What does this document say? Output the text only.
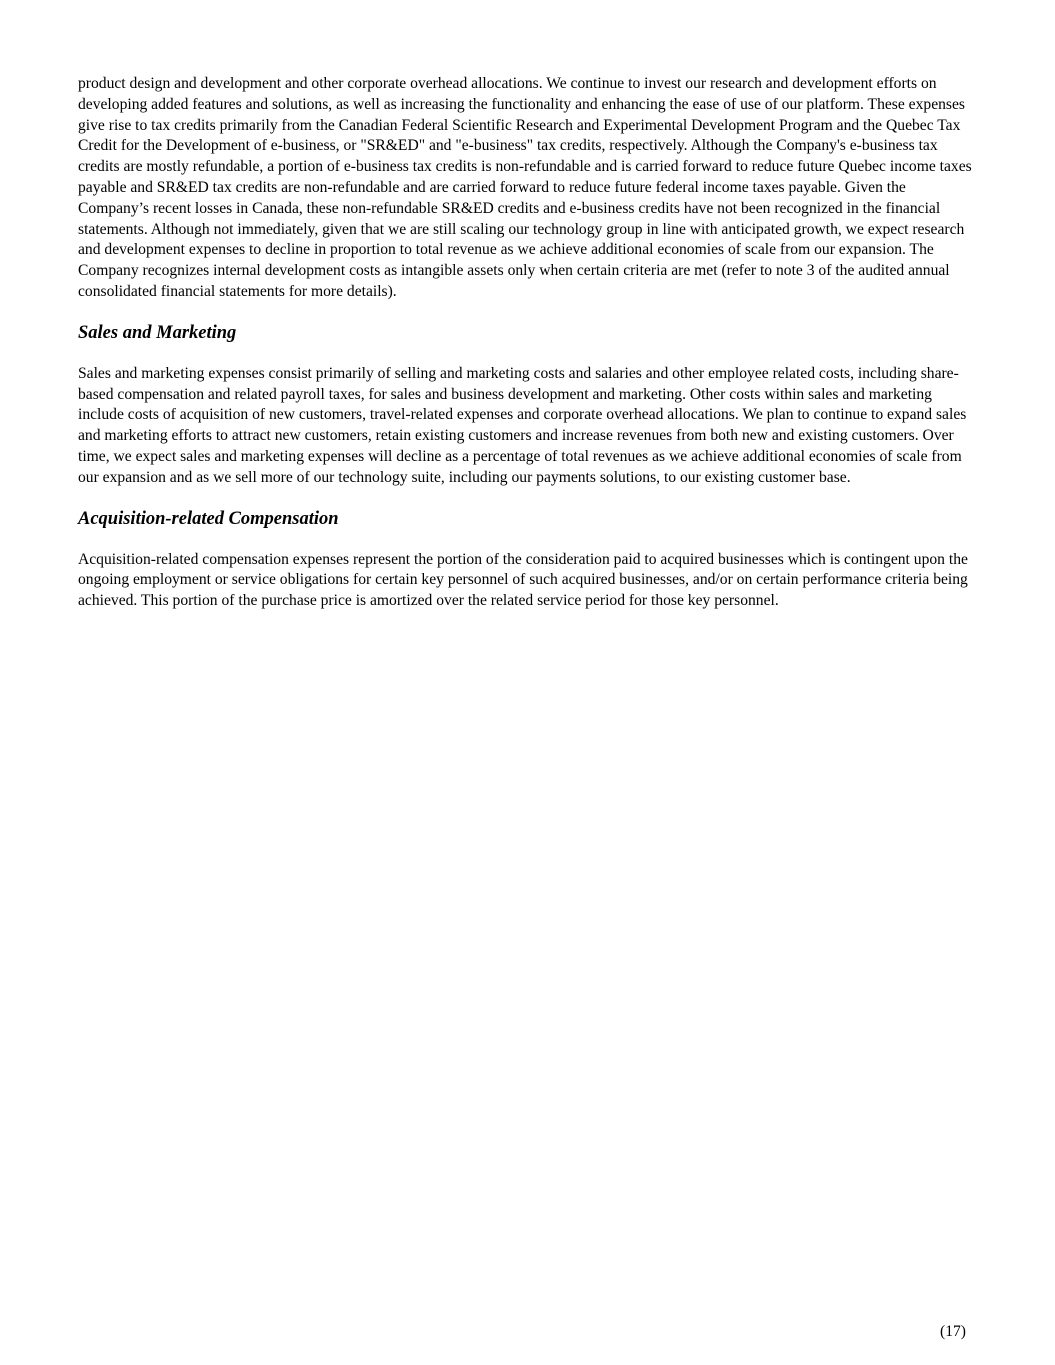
product design and development and other corporate overhead allocations. We continue to invest our research and development efforts on developing added features and solutions, as well as increasing the functionality and enhancing the ease of use of our platform. These expenses give rise to tax credits primarily from the Canadian Federal Scientific Research and Experimental Development Program and the Quebec Tax Credit for the Development of e-business, or "SR&ED" and "e-business" tax credits, respectively. Although the Company's e-business tax credits are mostly refundable, a portion of e-business tax credits is non-refundable and is carried forward to reduce future Quebec income taxes payable and SR&ED tax credits are non-refundable and are carried forward to reduce future federal income taxes payable. Given the Company’s recent losses in Canada, these non-refundable SR&ED credits and e-business credits have not been recognized in the financial statements. Although not immediately, given that we are still scaling our technology group in line with anticipated growth, we expect research and development expenses to decline in proportion to total revenue as we achieve additional economies of scale from our expansion. The Company recognizes internal development costs as intangible assets only when certain criteria are met (refer to note 3 of the audited annual consolidated financial statements for more details).

Sales and Marketing

Sales and marketing expenses consist primarily of selling and marketing costs and salaries and other employee related costs, including share-based compensation and related payroll taxes, for sales and business development and marketing. Other costs within sales and marketing include costs of acquisition of new customers, travel-related expenses and corporate overhead allocations. We plan to continue to expand sales and marketing efforts to attract new customers, retain existing customers and increase revenues from both new and existing customers. Over time, we expect sales and marketing expenses will decline as a percentage of total revenues as we achieve additional economies of scale from our expansion and as we sell more of our technology suite, including our payments solutions, to our existing customer base.

Acquisition-related Compensation

Acquisition-related compensation expenses represent the portion of the consideration paid to acquired businesses which is contingent upon the ongoing employment or service obligations for certain key personnel of such acquired businesses, and/or on certain performance criteria being achieved. This portion of the purchase price is amortized over the related service period for those key personnel.

(17)
